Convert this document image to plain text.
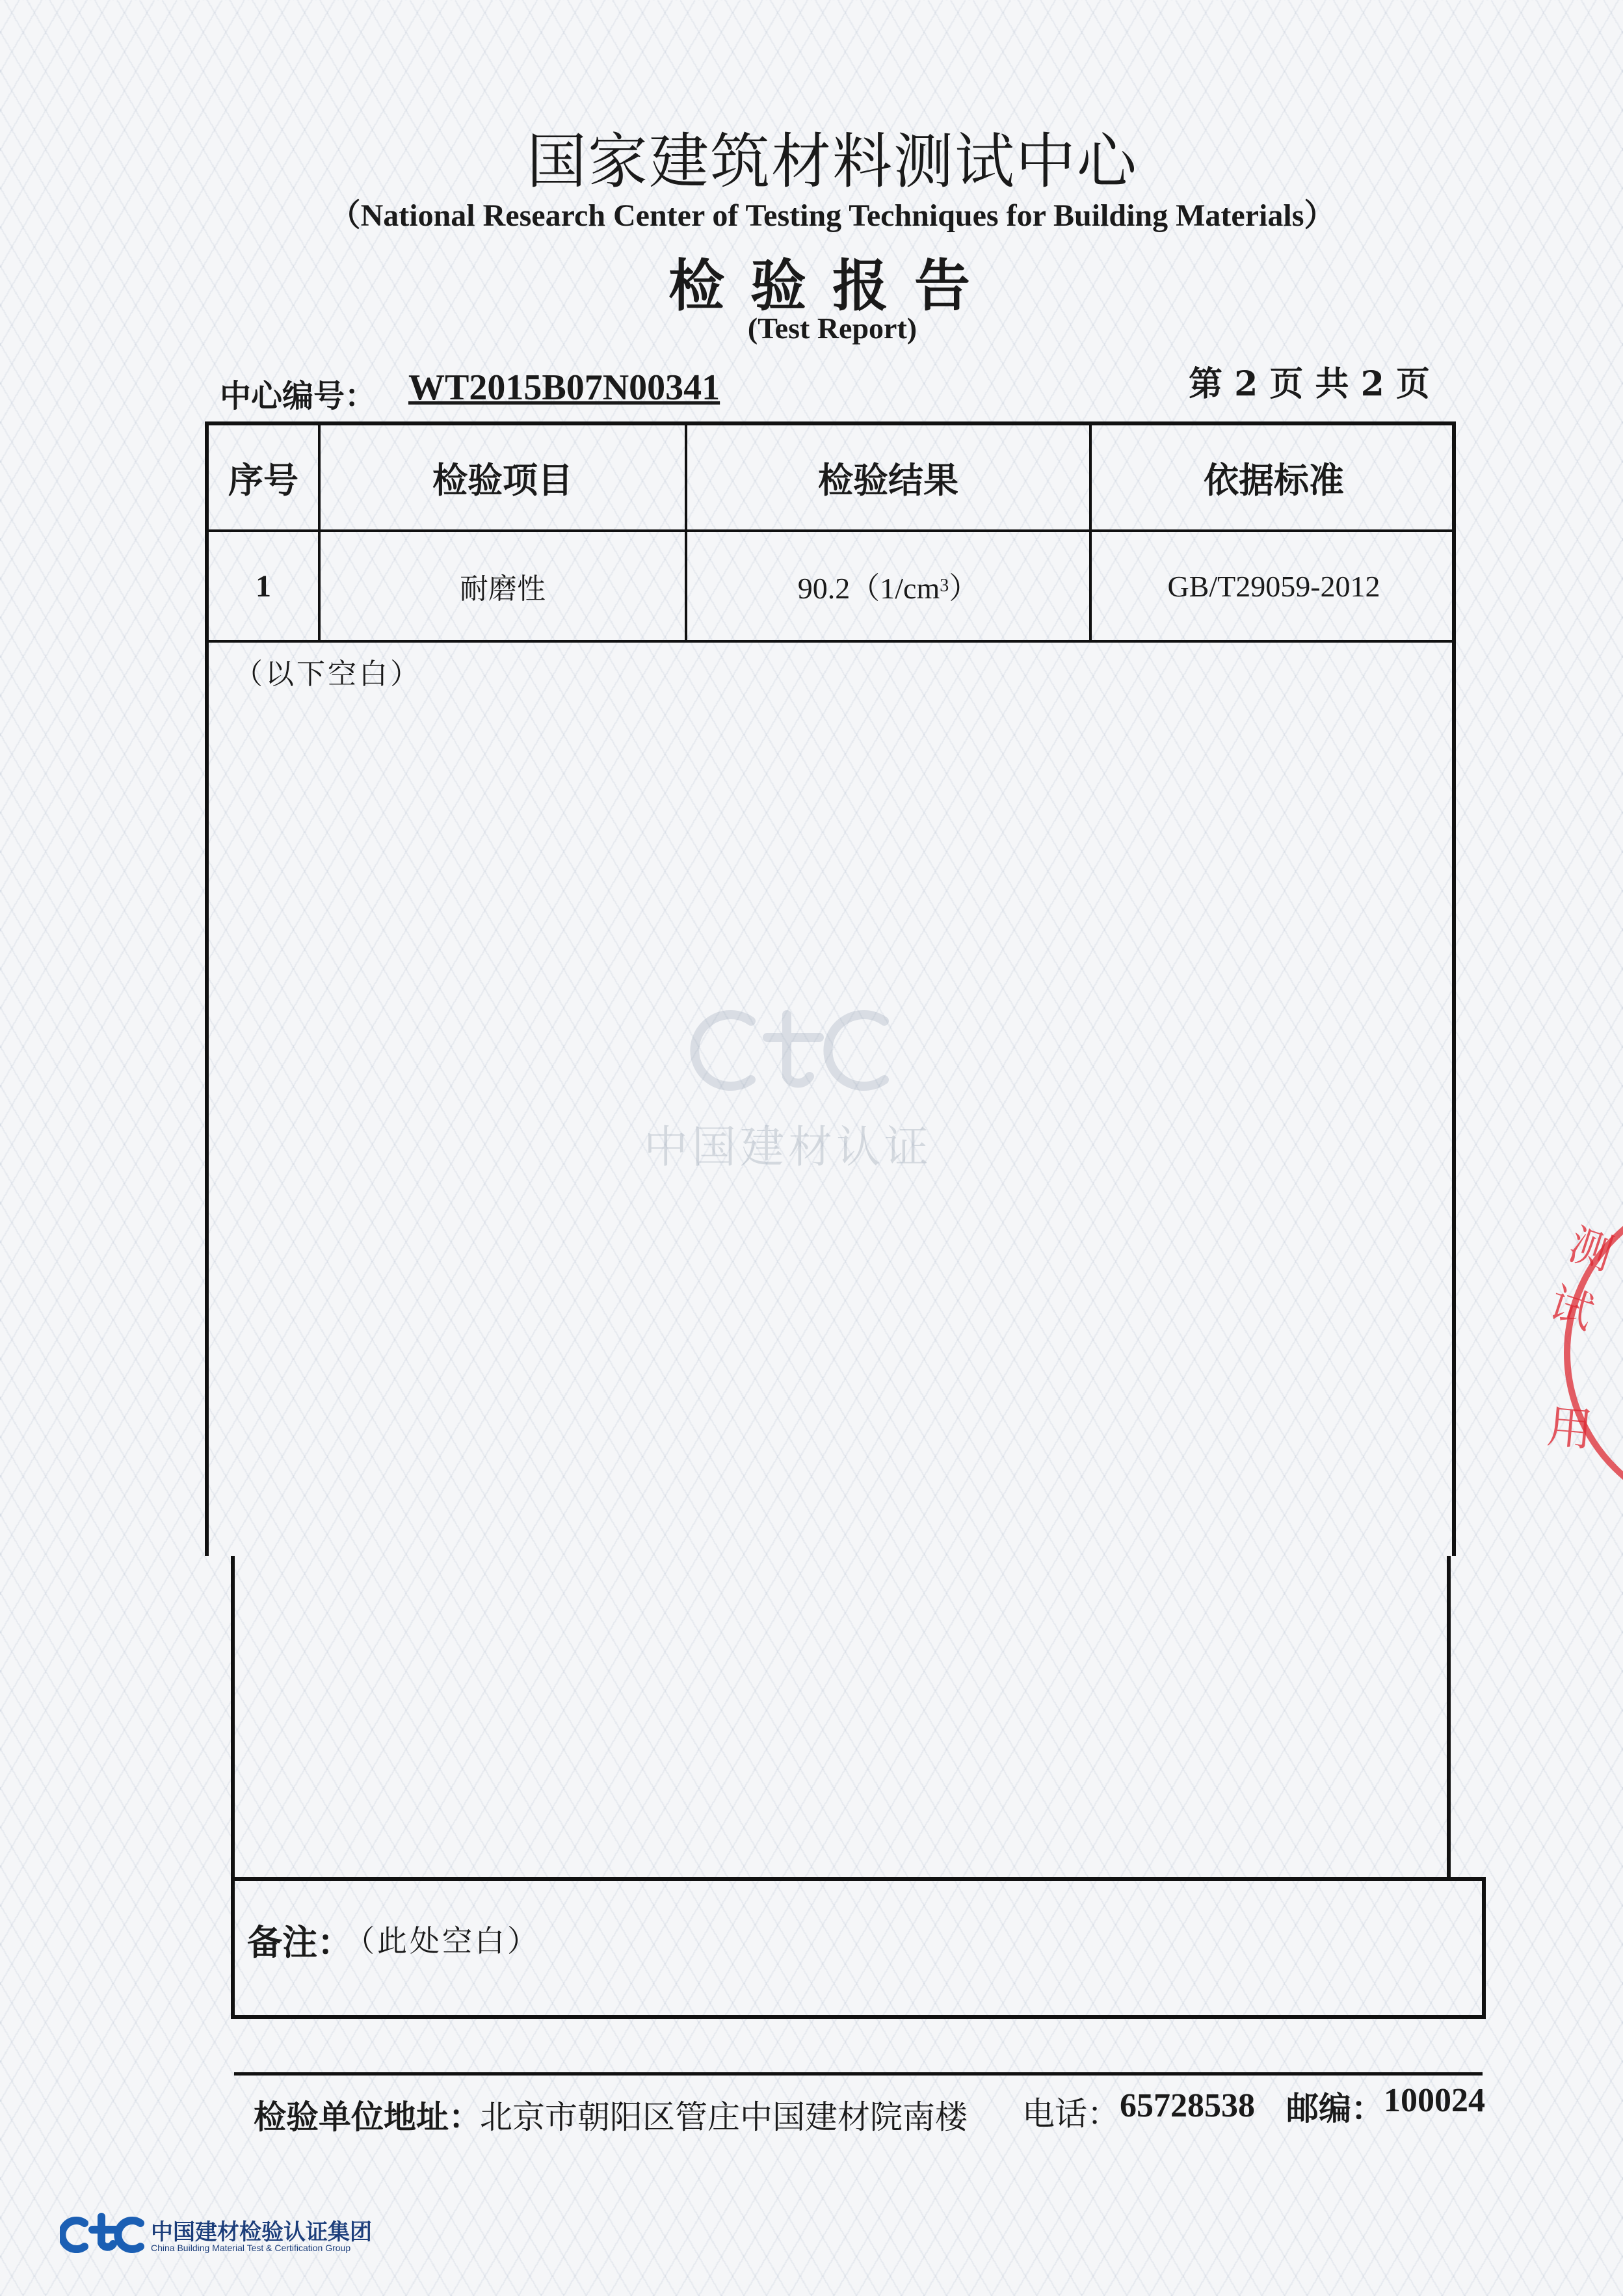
国家建筑材料测试中心
（National Research Center of Testing Techniques for Building Materials）
检验报告
(Test Report)
中心编号： WT2015B07N00341	第 2 页 共 2 页
中国建材认证
序号	检验项目	检验结果	依据标准
1	耐磨性	90.2（1/cm 3 ）	GB/T29059-2012
（以下空白）
备注：
（此处空白）
检验单位地址：
北京市朝阳区管庄中国建材院南楼 电话： 65728538 邮编： 100024
中国建材检验认证集团
China Building Material Test & Certification Group
测试
用
